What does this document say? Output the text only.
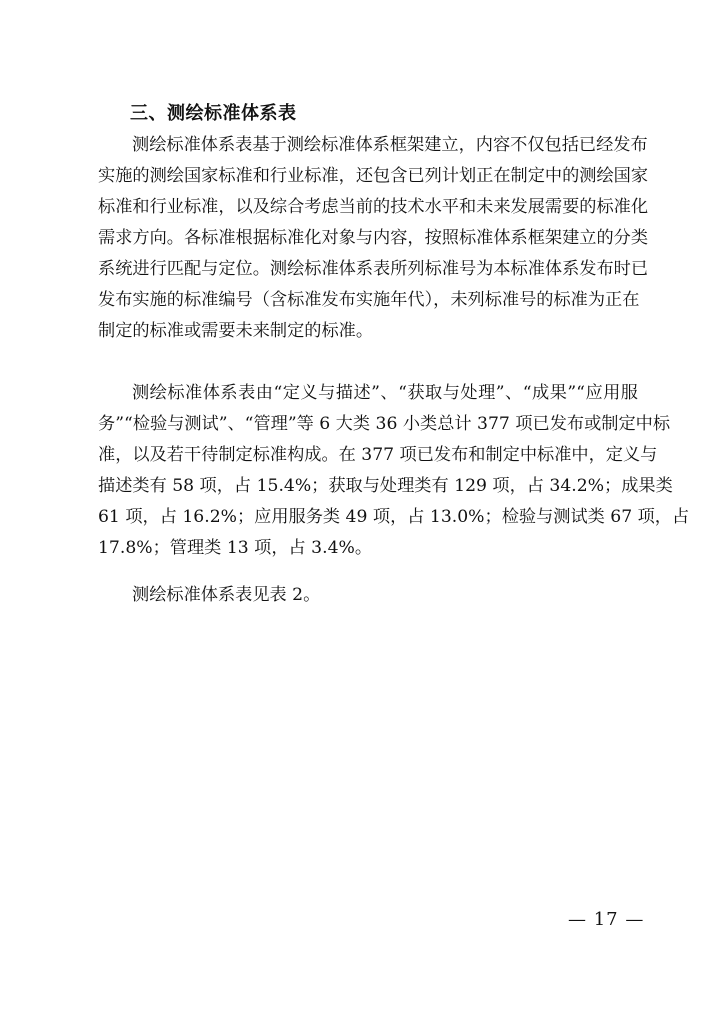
三、测绘标准体系表
测绘标准体系表基于测绘标准体系框架建立，内容不仅包括已经发布
实施的测绘国家标准和行业标准，还包含已列计划正在制定中的测绘国家
标准和行业标准，以及综合考虑当前的技术水平和未来发展需要的标准化
需求方向。各标准根据标准化对象与内容，按照标准体系框架建立的分类
系统进行匹配与定位。测绘标准体系表所列标准号为本标准体系发布时已
发布实施的标准编号（含标准发布实施年代），未列标准号的标准为正在
制定的标准或需要未来制定的标准。
测绘标准体系表由“定义与描述”、“获取与处理”、“成果”“应用服
务”“检验与测试”、“管理”等 6 大类 36 小类总计 377 项已发布或制定中标
准，以及若干待制定标准构成。在 377 项已发布和制定中标准中，定义与
描述类有 58 项，占 15.4%；获取与处理类有 129 项，占 34.2%；成果类
61 项，占 16.2%；应用服务类 49 项，占 13.0%；检验与测试类 67 项，占
17.8%；管理类 13 项，占 3.4%。
测绘标准体系表见表 2。
— 17 —
